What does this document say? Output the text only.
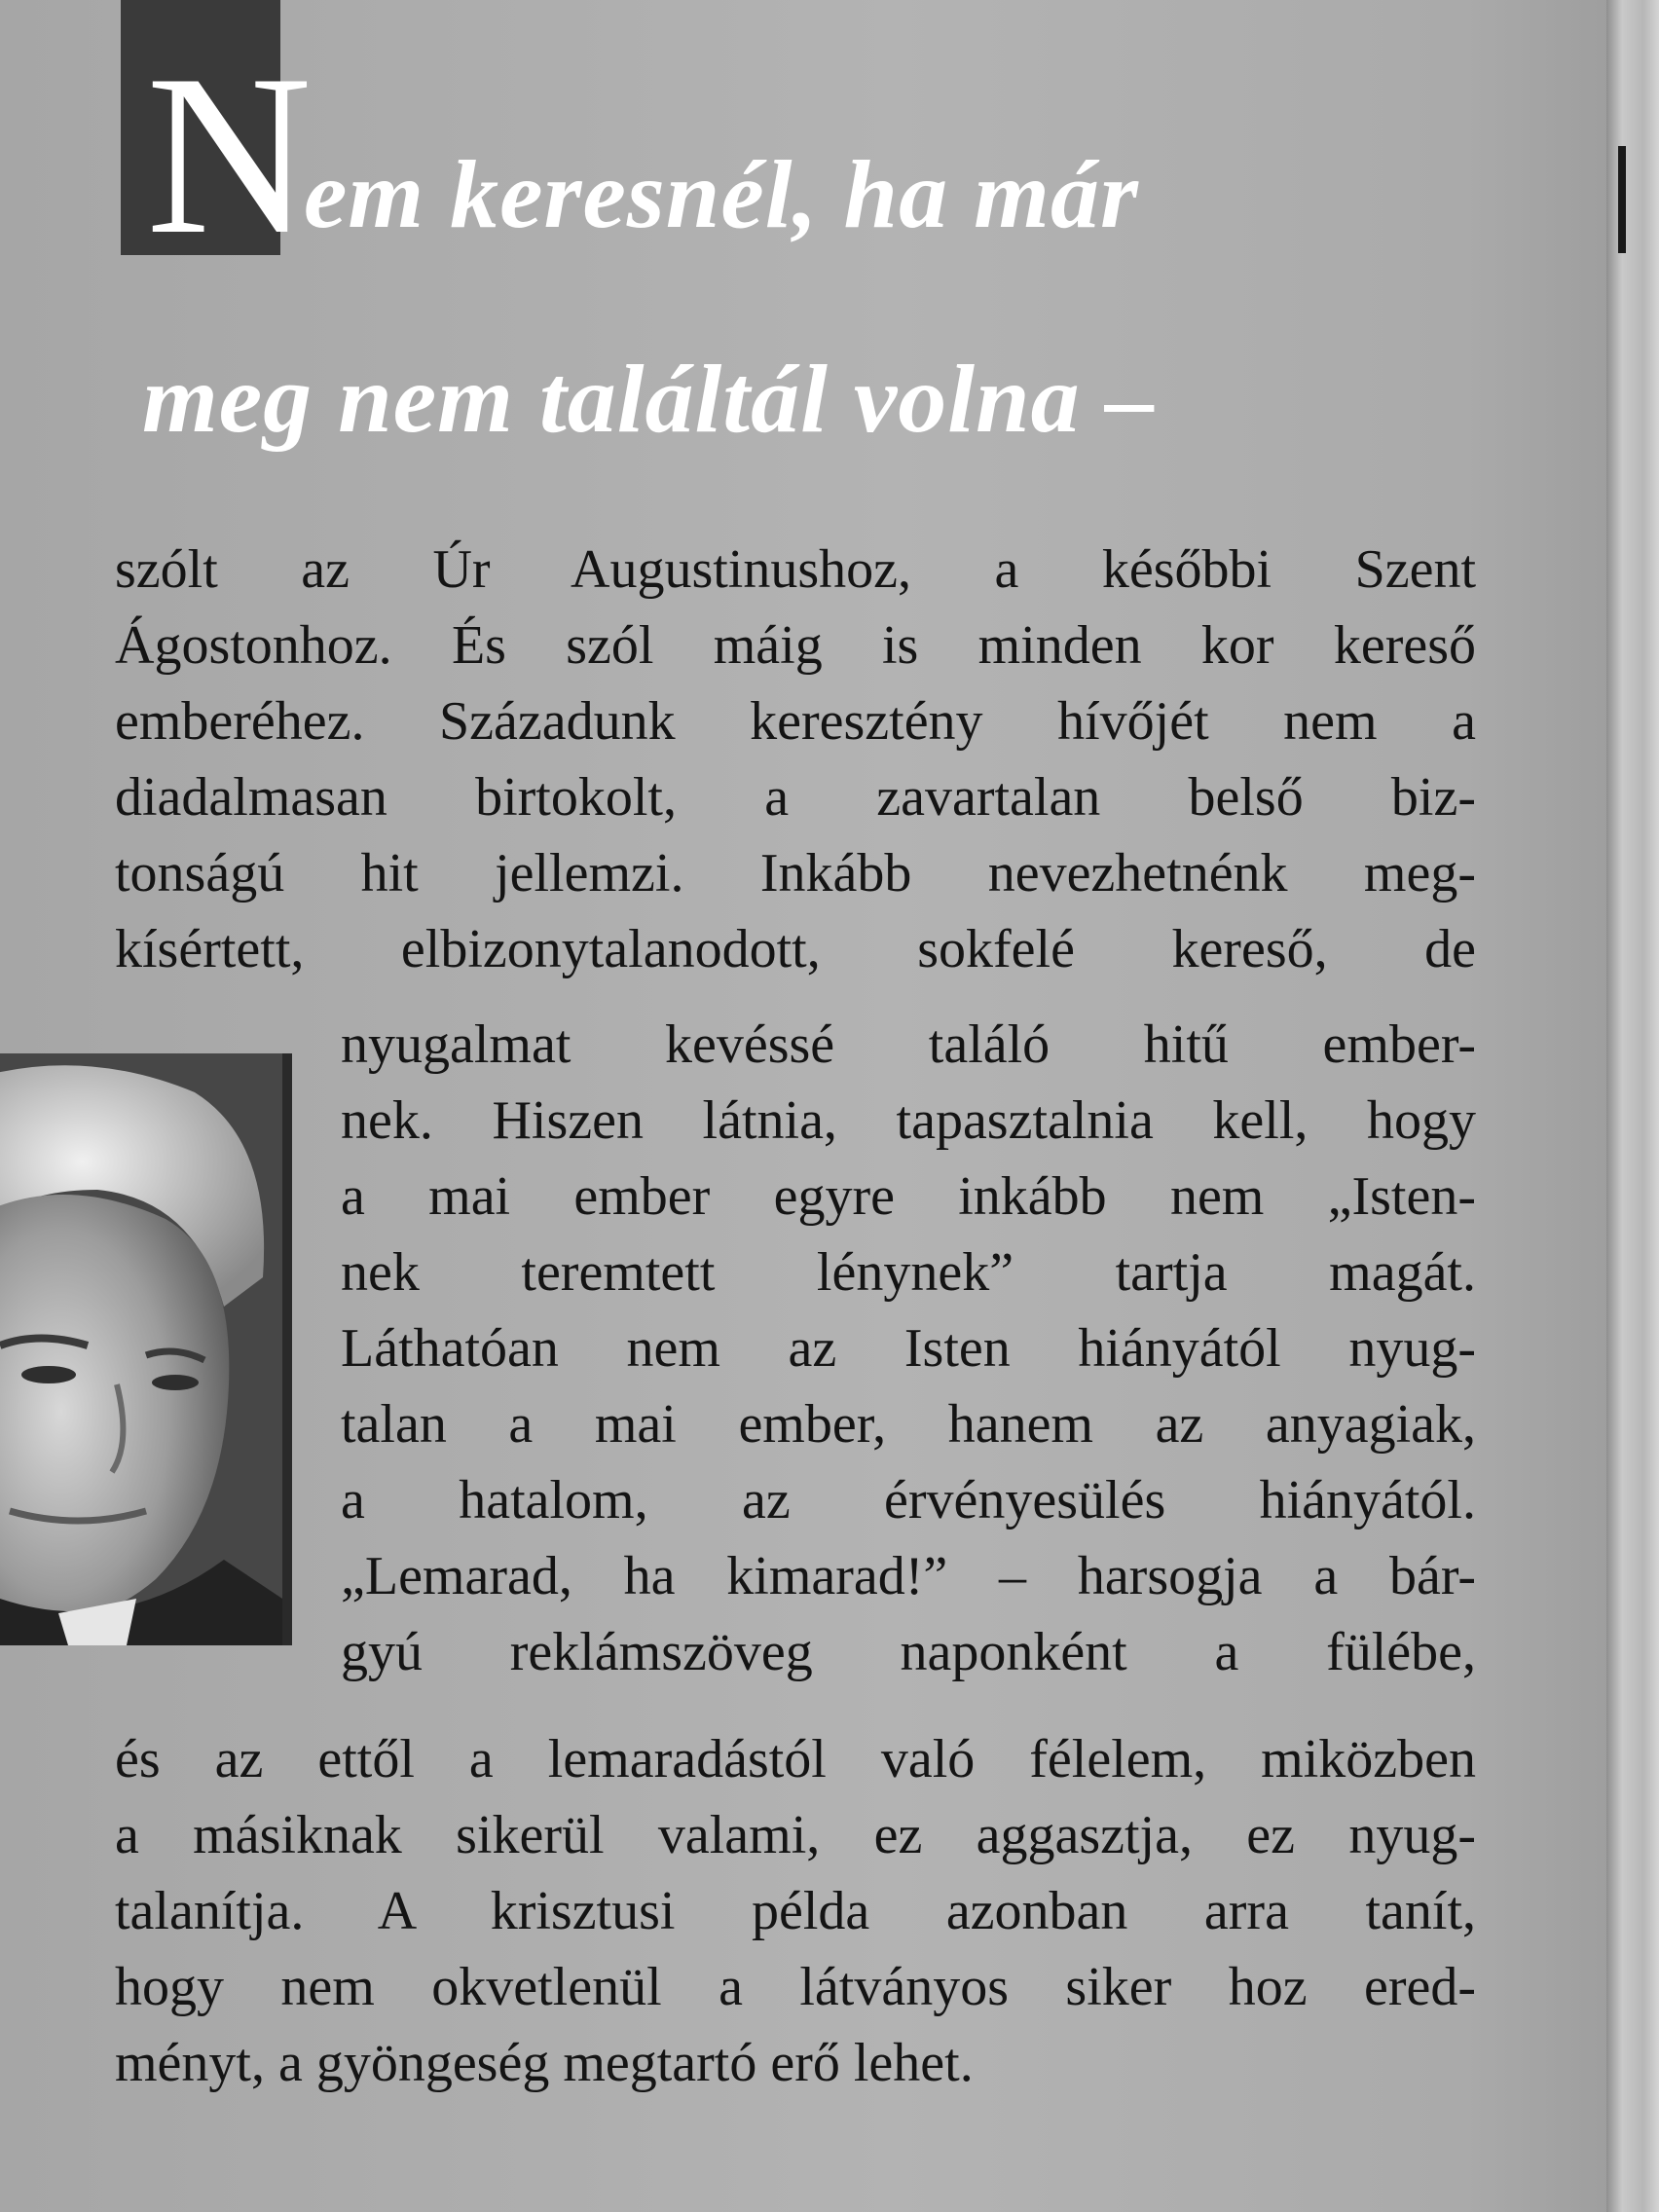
N

em keresnél, ha már

meg nem találtál volna –

szólt az Úr Augustinushoz, a későbbi Szent

Ágostonhoz. És szól máig is minden kor kereső

emberéhez. Századunk keresztény hívőjét nem a

diadalmasan birtokolt, a zavartalan belső biz-

tonságú hit jellemzi. Inkább nevezhetnénk meg-

kísértett, elbizonytalanodott, sokfelé kereső, de

nyugalmat kevéssé találó hitű ember-

nek. Hiszen látnia, tapasztalnia kell, hogy

a mai ember egyre inkább nem „Isten-

nek teremtett lénynek” tartja magát.

Láthatóan nem az Isten hiányától nyug-

talan a mai ember, hanem az anyagiak,

a hatalom, az érvényesülés hiányától.

„Lemarad, ha kimarad!” – harsogja a bár-

gyú reklámszöveg naponként a fülébe,

és az ettől a lemaradástól való félelem, miközben

a másiknak sikerül valami, ez aggasztja, ez nyug-

talanítja. A krisztusi példa azonban arra tanít,

hogy nem okvetlenül a látványos siker hoz ered-

ményt, a gyöngeség megtartó erő lehet.
